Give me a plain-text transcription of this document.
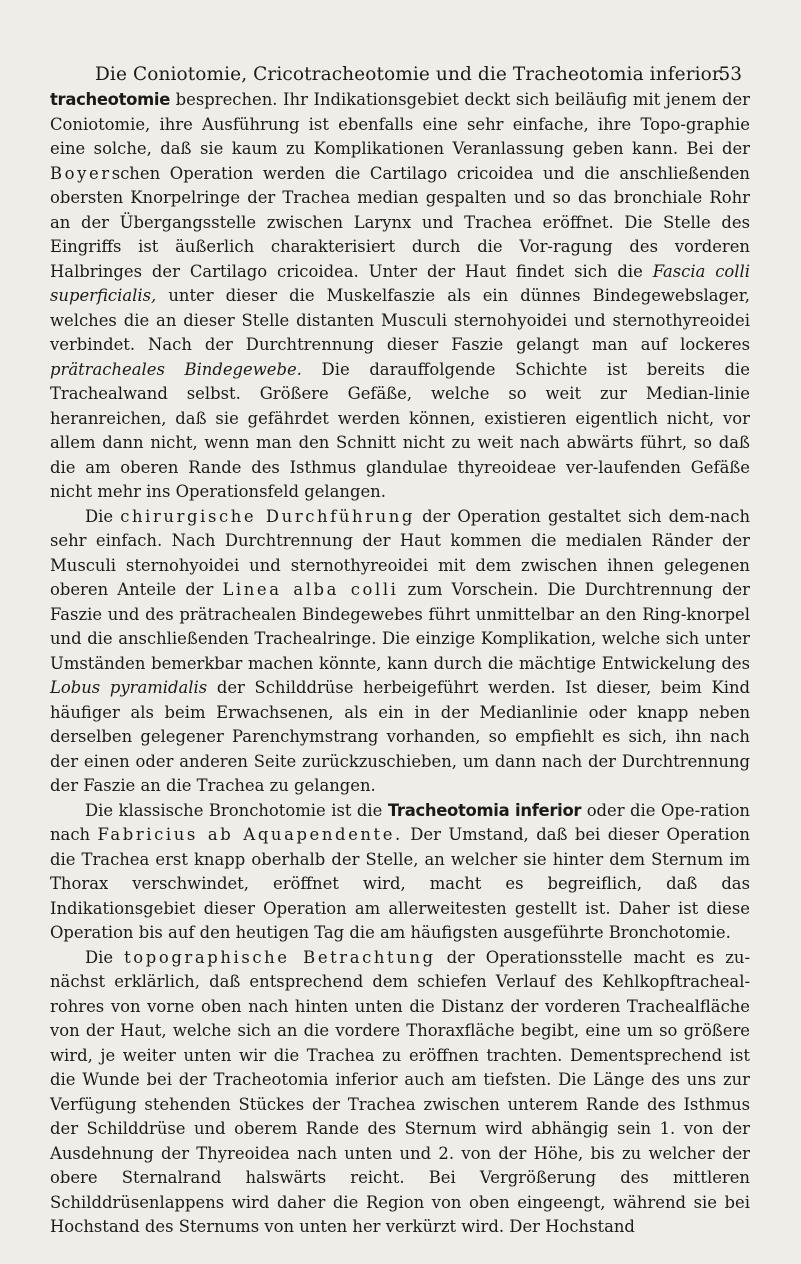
Die Coniotomie, Cricotracheotomie und die Tracheotomia inferior.
53

tracheotomie besprechen. Ihr Indikationsgebiet deckt sich beiläufig mit jenem der Coniotomie, ihre Ausführung ist ebenfalls eine sehr einfache, ihre Topo-graphie eine solche, daß sie kaum zu Komplikationen Veranlassung geben kann. Bei der Boyerschen Operation werden die Cartilago cricoidea und die anschließenden obersten Knorpelringe der Trachea median gespalten und so das bronchiale Rohr an der Übergangsstelle zwischen Larynx und Trachea eröffnet. Die Stelle des Eingriffs ist äußerlich charakterisiert durch die Vor-ragung des vorderen Halbringes der Cartilago cricoidea. Unter der Haut findet sich die Fascia colli superficialis, unter dieser die Muskelfaszie als ein dünnes Bindegewebslager, welches die an dieser Stelle distanten Musculi sternohyoidei und sternothyreoidei verbindet. Nach der Durchtrennung dieser Faszie gelangt man auf lockeres prätracheales Bindegewebe. Die darauffolgende Schichte ist bereits die Trachealwand selbst. Größere Gefäße, welche so weit zur Median-linie heranreichen, daß sie gefährdet werden können, existieren eigentlich nicht, vor allem dann nicht, wenn man den Schnitt nicht zu weit nach abwärts führt, so daß die am oberen Rande des Isthmus glandulae thyreoideae ver-laufenden Gefäße nicht mehr ins Operationsfeld gelangen.

Die chirurgische Durchführung der Operation gestaltet sich dem-nach sehr einfach. Nach Durchtrennung der Haut kommen die medialen Ränder der Musculi sternohyoidei und sternothyreoidei mit dem zwischen ihnen gelegenen oberen Anteile der Linea alba colli zum Vorschein. Die Durchtrennung der Faszie und des prätrachealen Bindegewebes führt unmittelbar an den Ring-knorpel und die anschließenden Trachealringe. Die einzige Komplikation, welche sich unter Umständen bemerkbar machen könnte, kann durch die mächtige Entwickelung des Lobus pyramidalis der Schilddrüse herbeigeführt werden. Ist dieser, beim Kind häufiger als beim Erwachsenen, als ein in der Medianlinie oder knapp neben derselben gelegener Parenchymstrang vorhanden, so empfiehlt es sich, ihn nach der einen oder anderen Seite zurückzuschieben, um dann nach der Durchtrennung der Faszie an die Trachea zu gelangen.

Die klassische Bronchotomie ist die Tracheotomia inferior oder die Ope-ration nach Fabricius ab Aquapendente. Der Umstand, daß bei dieser Operation die Trachea erst knapp oberhalb der Stelle, an welcher sie hinter dem Sternum im Thorax verschwindet, eröffnet wird, macht es begreiflich, daß das Indikationsgebiet dieser Operation am allerweitesten gestellt ist. Daher ist diese Operation bis auf den heutigen Tag die am häufigsten ausgeführte Bronchotomie.

Die topographische Betrachtung der Operationsstelle macht es zu-nächst erklärlich, daß entsprechend dem schiefen Verlauf des Kehlkopftracheal-rohres von vorne oben nach hinten unten die Distanz der vorderen Trachealfläche von der Haut, welche sich an die vordere Thoraxfläche begibt, eine um so größere wird, je weiter unten wir die Trachea zu eröffnen trachten. Dementsprechend ist die Wunde bei der Tracheotomia inferior auch am tiefsten. Die Länge des uns zur Verfügung stehenden Stückes der Trachea zwischen unterem Rande des Isthmus der Schilddrüse und oberem Rande des Sternum wird abhängig sein 1. von der Ausdehnung der Thyreoidea nach unten und 2. von der Höhe, bis zu welcher der obere Sternalrand halswärts reicht. Bei Vergrößerung des mittleren Schilddrüsenlappens wird daher die Region von oben eingeengt, während sie bei Hochstand des Sternums von unten her verkürzt wird. Der Hochstand
